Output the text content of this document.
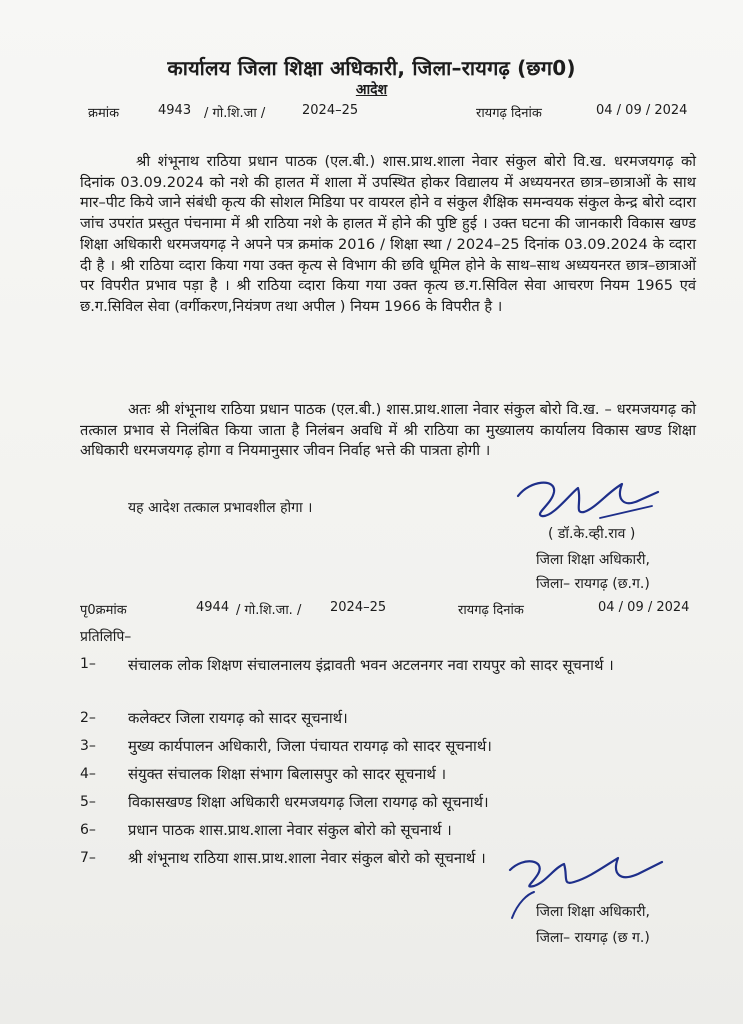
कार्यालय जिला शिक्षा अधिकारी, जिला–रायगढ़ (छग0)
आदेश
क्रमांक	4943 / गो.शि.जा /	2024–25	रायगढ़ दिनांक	04 / 09 / 2024
श्री शंभूनाथ राठिया प्रधान पाठक (एल.बी.) शास.प्राथ.शाला नेवार संकुल बोरो वि.ख. धरमजयगढ़ को दिनांक 03.09.2024 को नशे की हालत में शाला में उपस्थित होकर विद्यालय में अध्ययनरत छात्र–छात्राओं के साथ मार–पीट किये जाने संबंधी कृत्य की सोशल मिडिया पर वायरल होने व संकुल शैक्षिक समन्वयक संकुल केन्द्र बोरो व्दारा जांच उपरांत प्रस्तुत पंचनामा में श्री राठिया नशे के हालत में होने की पुष्टि हुई । उक्त घटना की जानकारी विकास खण्ड शिक्षा अधिकारी धरमजयगढ़ ने अपने पत्र क्रमांक 2016 / शिक्षा स्था / 2024–25 दिनांक 03.09.2024 के व्दारा दी है । श्री राठिया व्दारा किया गया उक्त कृत्य से विभाग की छवि धूमिल होने के साथ–साथ अध्ययनरत छात्र–छात्राओं पर विपरीत प्रभाव पड़ा है । श्री राठिया व्दारा किया गया उक्त कृत्य छ.ग.सिविल सेवा आचरण नियम 1965 एवं छ.ग.सिविल सेवा (वर्गीकरण,नियंत्रण तथा अपील ) नियम 1966 के विपरीत है ।
अतः श्री शंभूनाथ राठिया प्रधान पाठक (एल.बी.) शास.प्राथ.शाला नेवार संकुल बोरो वि.ख. – धरमजयगढ़ को तत्काल प्रभाव से निलंबित किया जाता है निलंबन अवधि में श्री राठिया का मुख्यालय कार्यालय विकास खण्ड शिक्षा अधिकारी धरमजयगढ़ होगा व नियमानुसार जीवन निर्वाह भत्ते की पात्रता होगी ।
यह आदेश तत्काल प्रभावशील होगा ।
( डॉ.के.व्ही.राव )
जिला शिक्षा अधिकारी,
जिला– रायगढ़ (छ.ग.)
पृ0क्रमांक	4944 / गो.शि.जा. / 2024–25	रायगढ़ दिनांक	04 / 09 / 2024
प्रतिलिपि–
1– संचालक लोक शिक्षण संचालनालय इंद्रावती भवन अटलनगर नवा रायपुर को सादर सूचनार्थ ।
2– कलेक्टर जिला रायगढ़ को सादर सूचनार्थ।
3– मुख्य कार्यपालन अधिकारी, जिला पंचायत रायगढ़ को सादर सूचनार्थ।
4– संयुक्त संचालक शिक्षा संभाग बिलासपुर को सादर सूचनार्थ ।
5– विकासखण्ड शिक्षा अधिकारी धरमजयगढ़ जिला रायगढ़ को सूचनार्थ।
6– प्रधान पाठक शास.प्राथ.शाला नेवार संकुल बोरो को सूचनार्थ ।
7– श्री शंभूनाथ राठिया शास.प्राथ.शाला नेवार संकुल बोरो को सूचनार्थ ।
जिला शिक्षा अधिकारी,
जिला– रायगढ़ (छ ग.)
